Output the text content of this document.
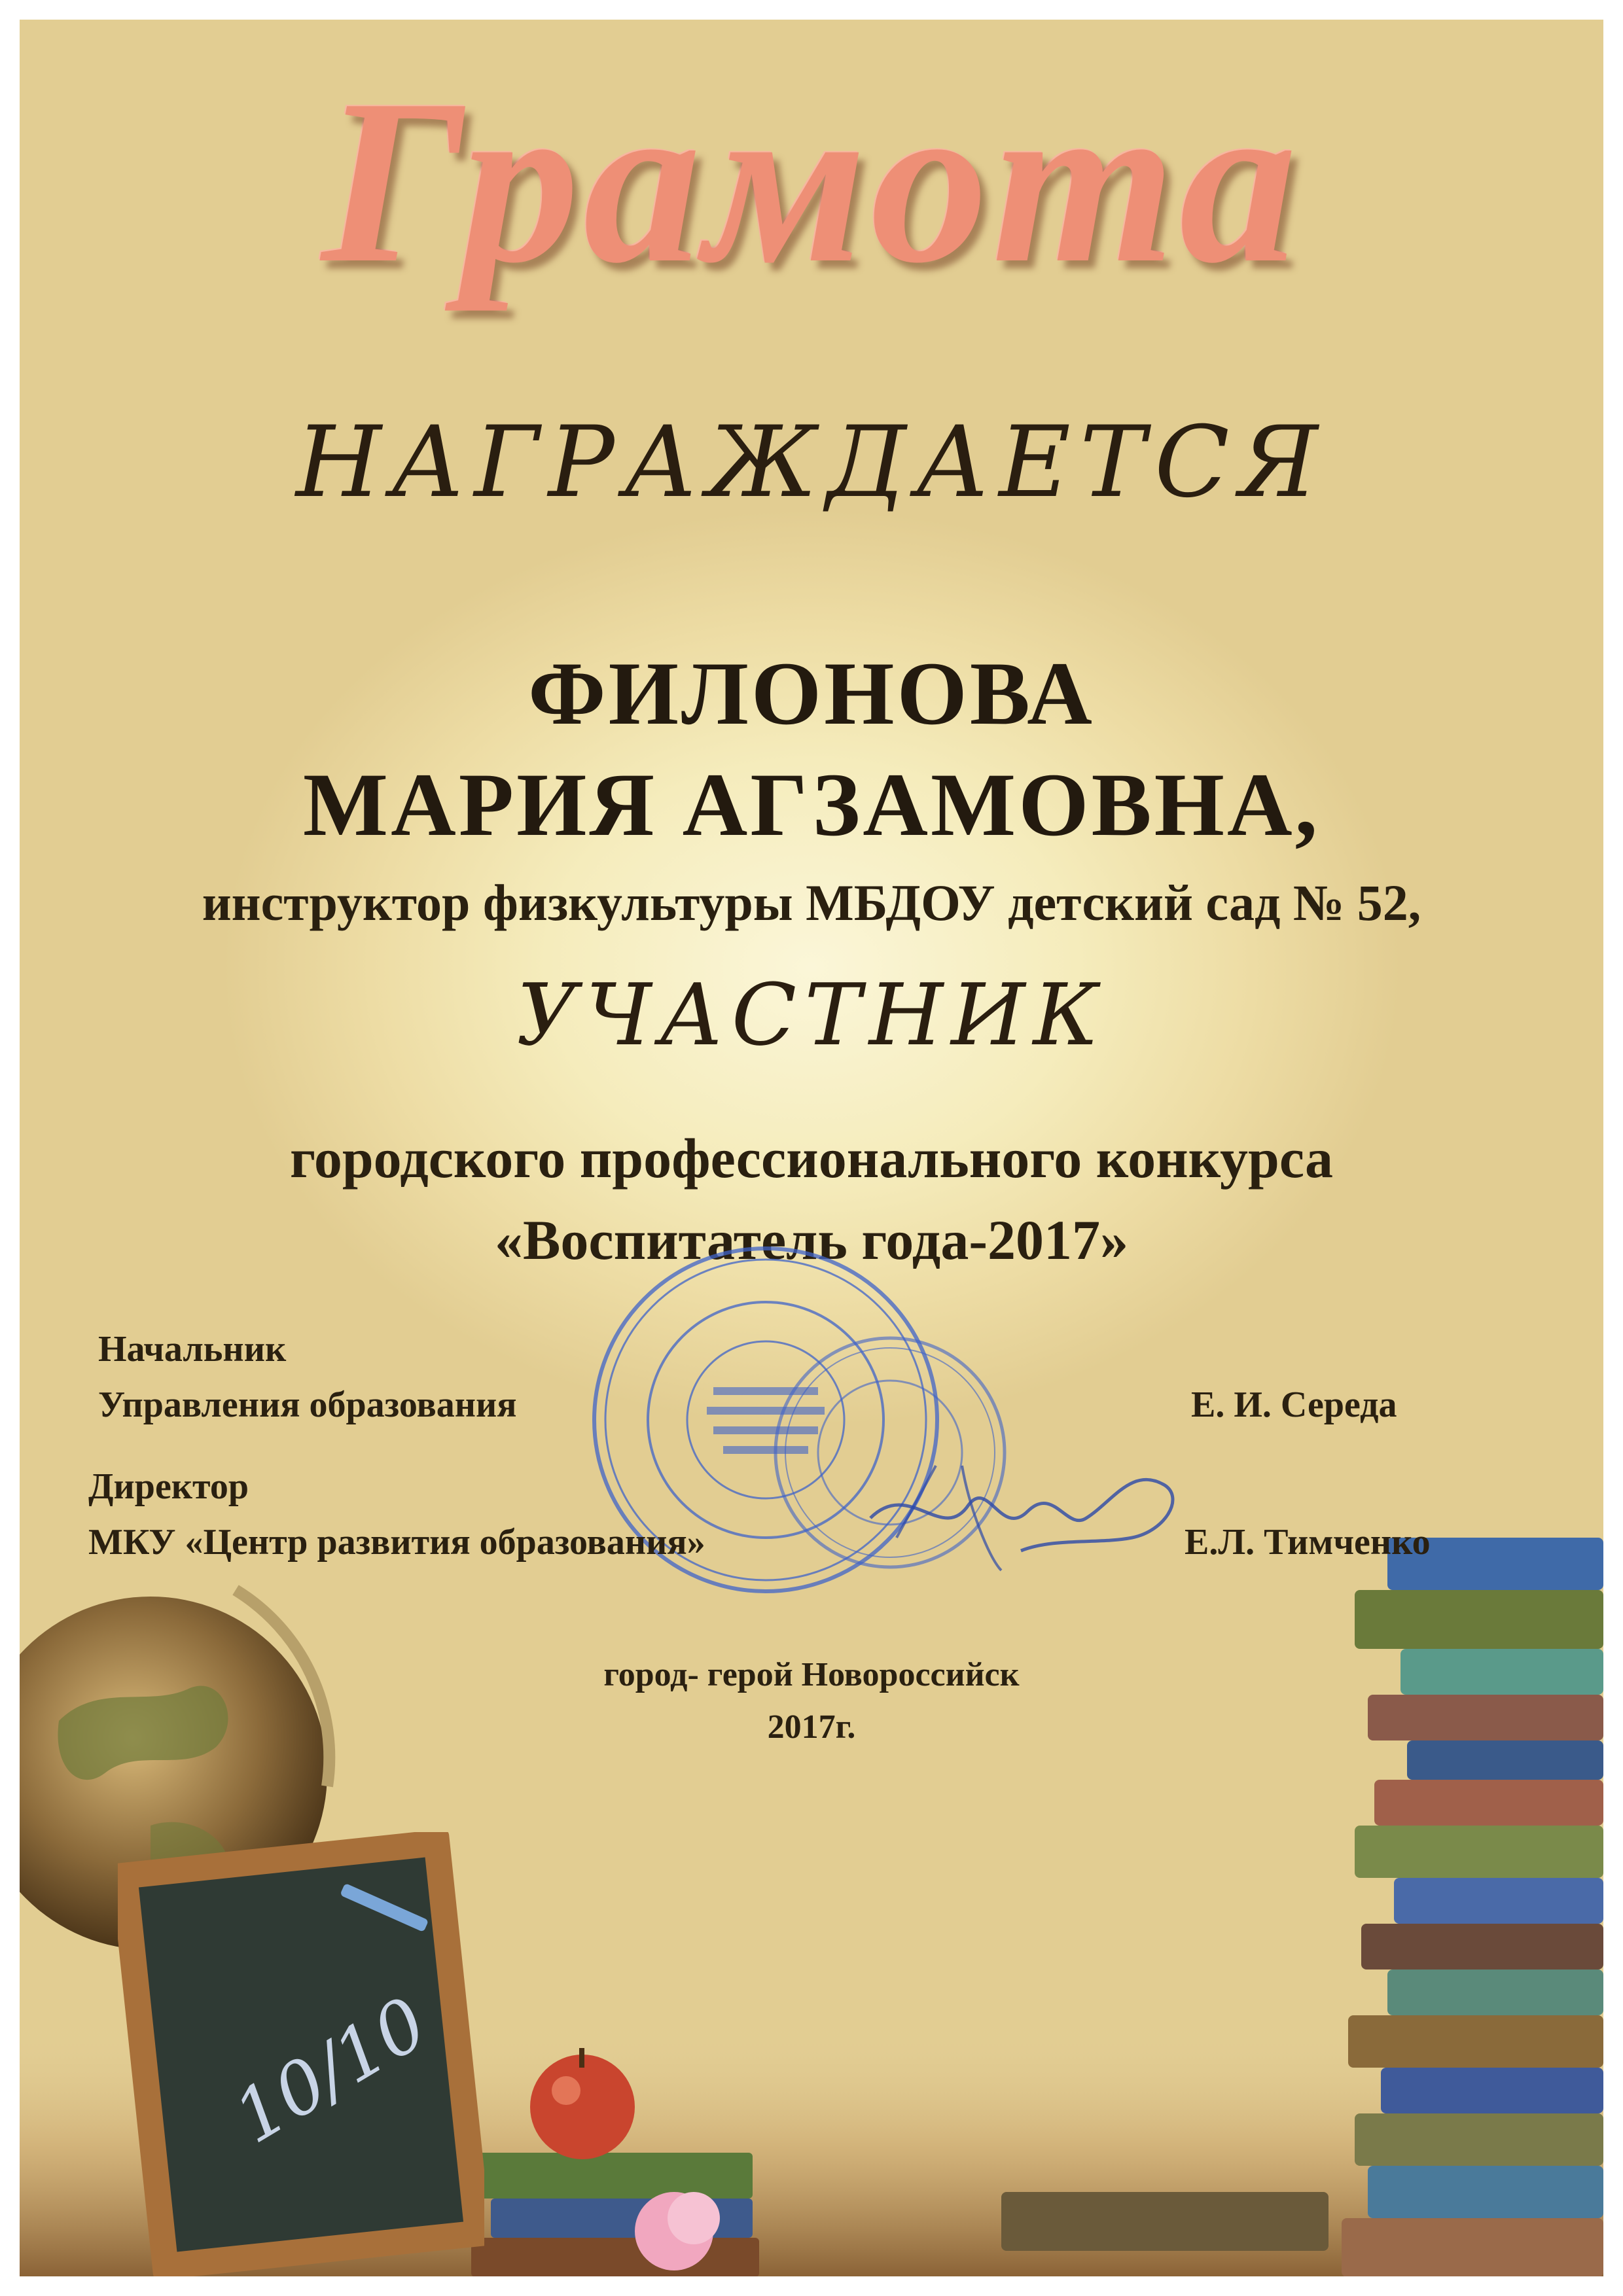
10/10
Грамота
НАГРАЖДАЕТСЯ
ФИЛОНОВА
МАРИЯ АГЗАМОВНА,
инструктор физкультуры МБДОУ детский сад № 52,
УЧАСТНИК
городского профессионального конкурса
«Воспитатель года-2017»
Начальник
Управления образования	Е. И. Середа
Директор
МКУ «Центр развития образования»	Е.Л. Тимченко
город- герой Новороссийск
2017г.
